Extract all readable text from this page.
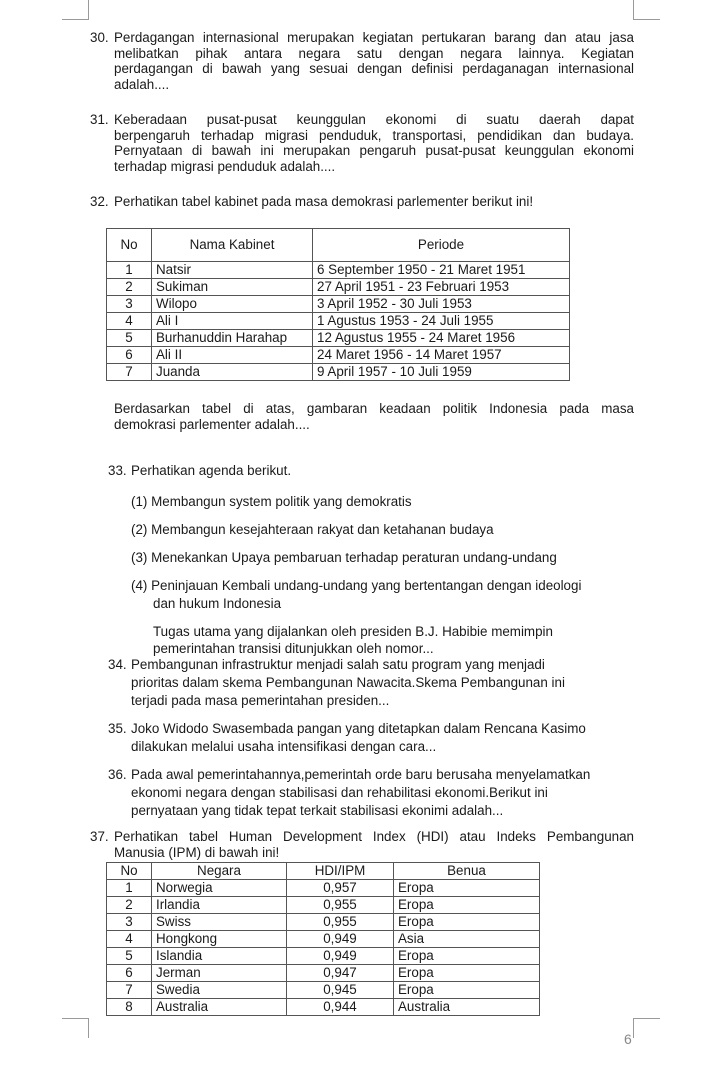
30. Perdagangan internasional merupakan kegiatan pertukaran barang dan atau jasa
melibatkan pihak antara negara satu dengan negara lainnya. Kegiatan
perdagangan di bawah yang sesuai dengan definisi perdaganagan internasional
adalah....
31. Keberadaan pusat-pusat keunggulan ekonomi di suatu daerah dapat
berpengaruh terhadap migrasi penduduk, transportasi, pendidikan dan budaya.
Pernyataan di bawah ini merupakan pengaruh pusat-pusat keunggulan ekonomi
terhadap migrasi penduduk adalah....
32. Perhatikan tabel kabinet pada masa demokrasi parlementer berikut ini!
No	Nama Kabinet	Periode
1	Natsir	6 September 1950 - 21 Maret 1951
2	Sukiman	27 April 1951 - 23 Februari 1953
3	Wilopo	3 April 1952 - 30 Juli 1953
4	Ali I	1 Agustus 1953 - 24 Juli 1955
5	Burhanuddin Harahap	12 Agustus 1955 - 24 Maret 1956
6	Ali II	24 Maret 1956 - 14 Maret 1957
7	Juanda	9 April 1957 - 10 Juli 1959
Berdasarkan tabel di atas, gambaran keadaan politik Indonesia pada masa
demokrasi parlementer adalah....
33. Perhatikan agenda berikut.
(1) Membangun system politik yang demokratis
(2) Membangun kesejahteraan rakyat dan ketahanan budaya
(3) Menekankan Upaya pembaruan terhadap peraturan undang-undang
(4) Peninjauan Kembali undang-undang yang bertentangan dengan ideologi
dan hukum Indonesia
Tugas utama yang dijalankan oleh presiden B.J. Habibie memimpin
pemerintahan transisi ditunjukkan oleh nomor...
34. Pembangunan infrastruktur menjadi salah satu program yang menjadi
prioritas dalam skema Pembangunan Nawacita.Skema Pembangunan ini
terjadi pada masa pemerintahan presiden...
35. Joko Widodo Swasembada pangan yang ditetapkan dalam Rencana Kasimo
dilakukan melalui usaha intensifikasi dengan cara...
36. Pada awal pemerintahannya,pemerintah orde baru berusaha menyelamatkan
ekonomi negara dengan stabilisasi dan rehabilitasi ekonomi.Berikut ini
pernyataan yang tidak tepat terkait stabilisasi ekonimi adalah...
37. Perhatikan tabel Human Development Index (HDI) atau Indeks Pembangunan
Manusia (IPM) di bawah ini!
No	Negara	HDI/IPM	Benua
1	Norwegia	0,957	Eropa
2	Irlandia	0,955	Eropa
3	Swiss	0,955	Eropa
4	Hongkong	0,949	Asia
5	Islandia	0,949	Eropa
6	Jerman	0,947	Eropa
7	Swedia	0,945	Eropa
8	Australia	0,944	Australia
6
